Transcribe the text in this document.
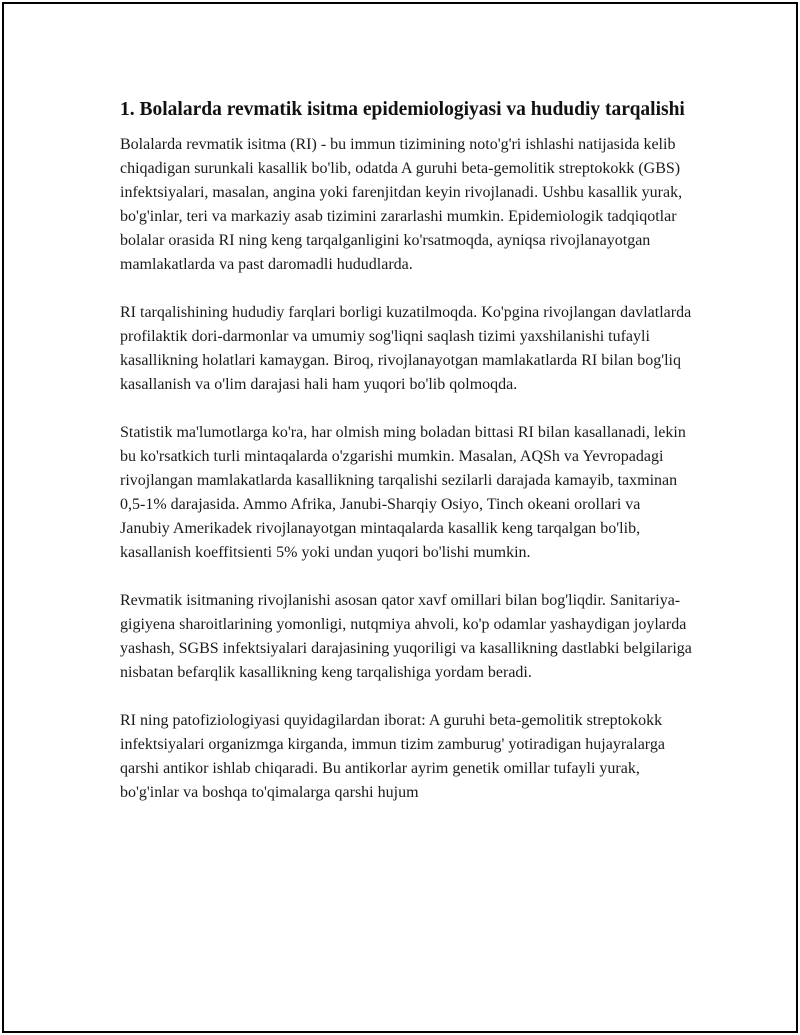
1. Bolalarda revmatik isitma epidemiologiyasi va hududiy tarqalishi

Bolalarda revmatik isitma (RI) - bu immun tizimining noto'g'ri ishlashi natijasida kelib chiqadigan surunkali kasallik bo'lib, odatda A guruhi beta-gemolitik streptokokk (GBS) infektsiyalari, masalan, angina yoki farenjitdan keyin rivojlanadi. Ushbu kasallik yurak, bo'g'inlar, teri va markaziy asab tizimini zararlashi mumkin. Epidemiologik tadqiqotlar bolalar orasida RI ning keng tarqalganligini ko'rsatmoqda, ayniqsa rivojlanayotgan mamlakatlarda va past daromadli hududlarda.

RI tarqalishining hududiy farqlari borligi kuzatilmoqda. Ko'pgina rivojlangan davlatlarda profilaktik dori-darmonlar va umumiy sog'liqni saqlash tizimi yaxshilanishi tufayli kasallikning holatlari kamaygan. Biroq, rivojlanayotgan mamlakatlarda RI bilan bog'liq kasallanish va o'lim darajasi hali ham yuqori bo'lib qolmoqda.

Statistik ma'lumotlarga ko'ra, har olmish ming boladan bittasi RI bilan kasallanadi, lekin bu ko'rsatkich turli mintaqalarda o'zgarishi mumkin. Masalan, AQSh va Yevropadagi rivojlangan mamlakatlarda kasallikning tarqalishi sezilarli darajada kamayib, taxminan 0,5-1% darajasida. Ammo Afrika, Janubi-Sharqiy Osiyo, Tinch okeani orollari va Janubiy Amerikadek rivojlanayotgan mintaqalarda kasallik keng tarqalgan bo'lib, kasallanish koeffitsienti 5% yoki undan yuqori bo'lishi mumkin.

Revmatik isitmaning rivojlanishi asosan qator xavf omillari bilan bog'liqdir. Sanitariya-gigiyena sharoitlarining yomonligi, nutqmiya ahvoli, ko'p odamlar yashaydigan joylarda yashash, SGBS infektsiyalari darajasining yuqoriligi va kasallikning dastlabki belgilariga nisbatan befarqlik kasallikning keng tarqalishiga yordam beradi.

RI ning patofiziologiyasi quyidagilardan iborat: A guruhi beta-gemolitik streptokokk infektsiyalari organizmga kirganda, immun tizim zamburug' yotiradigan hujayralarga qarshi antikor ishlab chiqaradi. Bu antikorlar ayrim genetik omillar tufayli yurak, bo'g'inlar va boshqa to'qimalarga qarshi hujum
